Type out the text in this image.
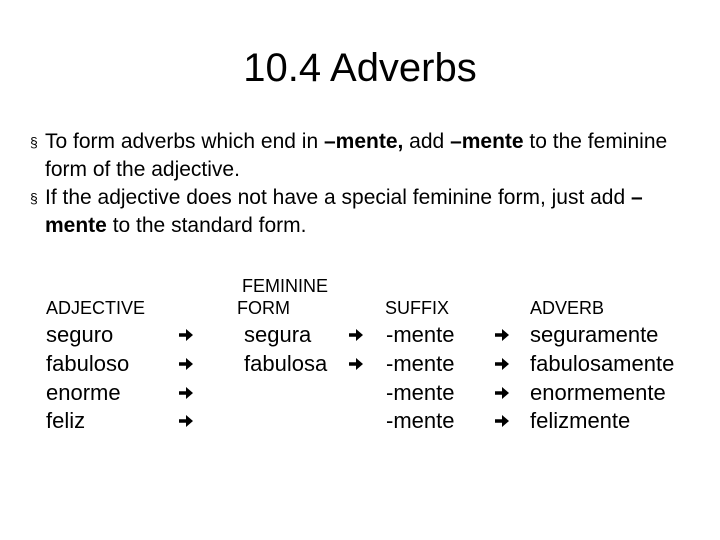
10.4 Adverbs
§ To form adverbs which end in –mente, add –mente to the feminine form of the adjective.
§ If the adjective does not have a special feminine form, just add –mente to the standard form.
ADJECTIVE
FEMININE
FORM	SUFFIX	ADVERB
seguro
fabuloso
enorme
feliz
segura
fabulosa
-mente
-mente
-mente
-mente
seguramente
fabulosamente
enormemente
felizmente
